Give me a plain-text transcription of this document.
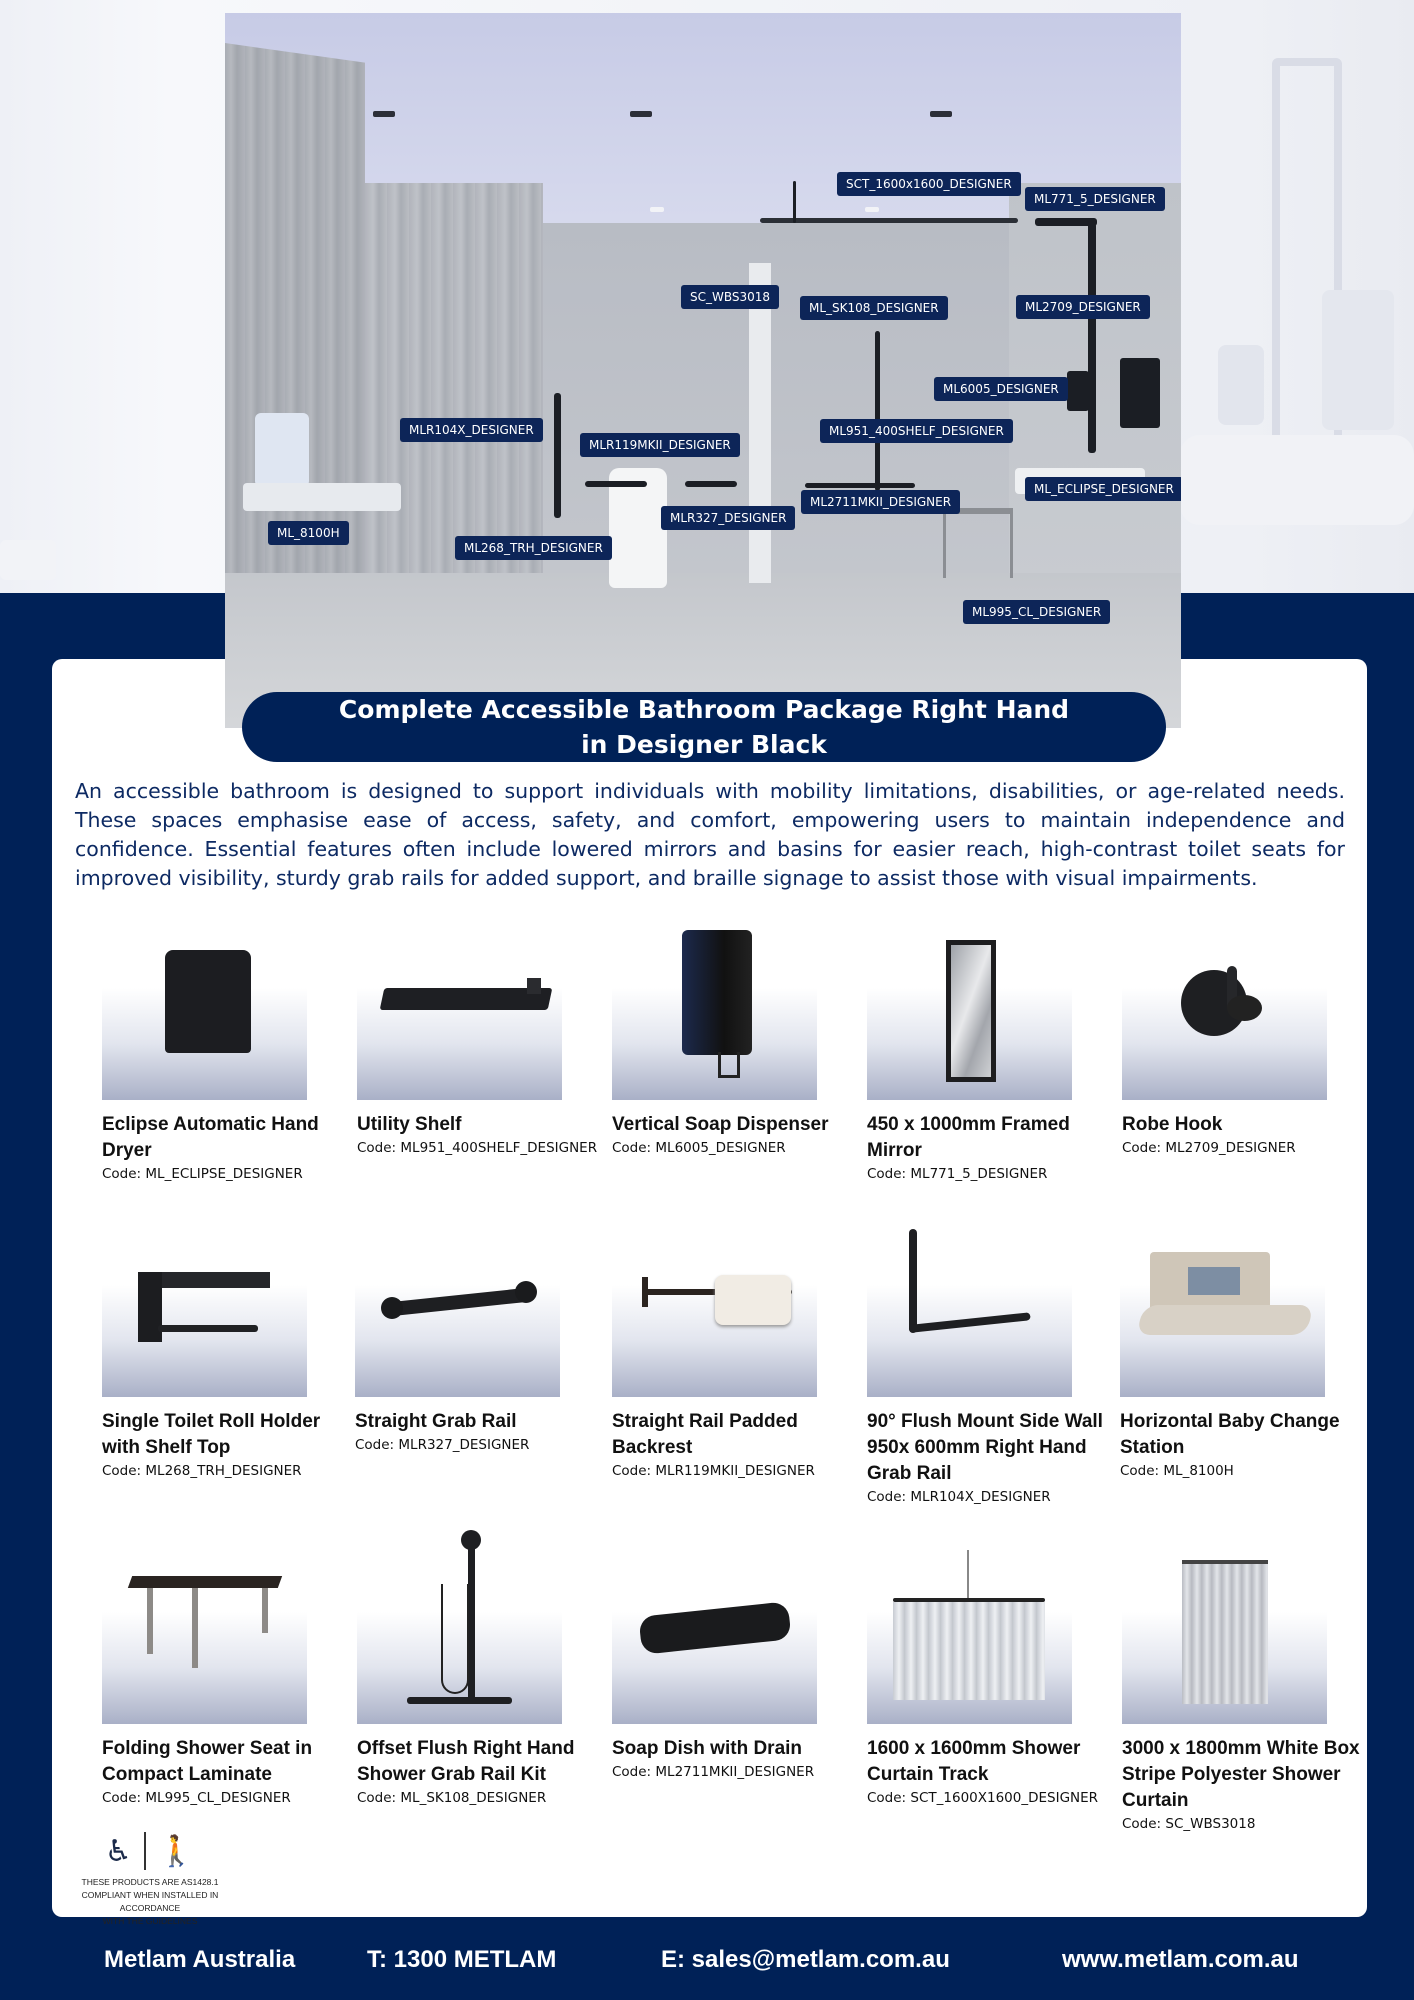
SCT_1600x1600_DESIGNER
ML771_5_DESIGNER
SC_WBS3018
ML_SK108_DESIGNER	ML2709_DESIGNER
ML6005_DESIGNER
MLR104X_DESIGNER
MLR119MKII_DESIGNER
ML951_400SHELF_DESIGNER
ML_ECLIPSE_DESIGNER
ML2711MKII_DESIGNER
MLR327_DESIGNER
ML_8100H
ML268_TRH_DESIGNER
ML995_CL_DESIGNER
Complete Accessible Bathroom Package Right Hand
in Designer Black

An accessible bathroom is designed to support individuals with mobility limitations, disabilities, or age-related needs. These spaces emphasise ease of access, safety, and comfort, empowering users to maintain independence and confidence. Essential features often include lowered mirrors and basins for easier reach, high-contrast toilet seats for improved visibility, sturdy grab rails for added support, and braille signage to assist those with visual impairments.

Eclipse Automatic Hand Dryer
Code: ML_ECLIPSE_DESIGNER
Utility Shelf
Code: ML951_400SHELF_DESIGNER
Vertical Soap Dispenser
Code: ML6005_DESIGNER
450 x 1000mm Framed Mirror
Code: ML771_5_DESIGNER
Robe Hook
Code: ML2709_DESIGNER
Single Toilet Roll Holder with Shelf Top
Code: ML268_TRH_DESIGNER
Straight Grab Rail
Code: MLR327_DESIGNER
Straight Rail Padded Backrest
Code: MLR119MKII_DESIGNER
90° Flush Mount Side Wall 950x 600mm Right Hand Grab Rail
Code: MLR104X_DESIGNER
Horizontal Baby Change Station
Code: ML_8100H
Folding Shower Seat in Compact Laminate
Code: ML995_CL_DESIGNER
Offset Flush Right Hand Shower Grab Rail Kit
Code: ML_SK108_DESIGNER
Soap Dish with Drain
Code: ML2711MKII_DESIGNER
1600 x 1600mm Shower Curtain Track
Code: SCT_1600X1600_DESIGNER
3000 x 1800mm White Box Stripe Polyester Shower Curtain
Code: SC_WBS3018
♿ 🚶
THESE PRODUCTS ARE AS1428.1
COMPLIANT WHEN INSTALLED IN ACCORDANCE
WITH THE GUIDELINES
Metlam Australia	T: 1300 METLAM	E: sales@metlam.com.au	www.metlam.com.au
